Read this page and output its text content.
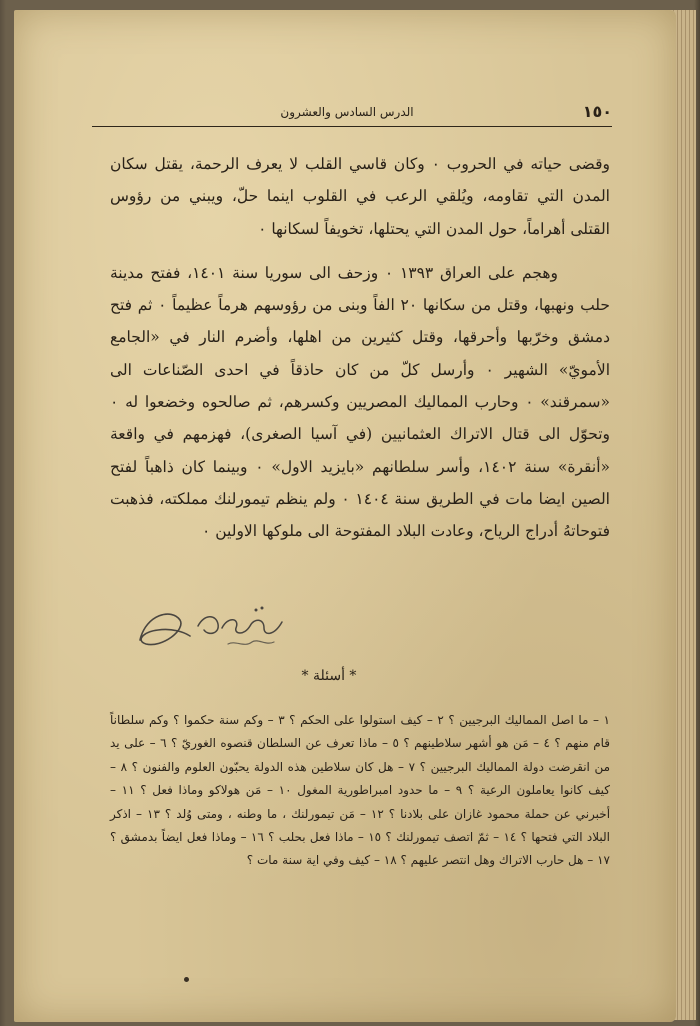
١٥٠
الدرس السادس والعشرون

وقضى حياته في الحروب ٠ وكان قاسي القلب لا يعرف الرحمة، يقتل سكان المدن التي تقاومه، ويُلقي الرعب في القلوب اينما حلّ، ويبني من رؤوس القتلى أهراماً، حول المدن التي يحتلها، تخويفاً لسكانها ٠

وهجم على العراق ١٣٩٣ ٠ وزحف الى سوريا سنة ١٤٠١، ففتح مدينة حلب ونهبها، وقتل من سكانها ٢٠ الفاً وبنى من رؤوسهم هرماً عظيماً ٠ ثم فتح دمشق وخرّبها وأحرقها، وقتل كثيرين من اهلها، وأضرم النار في «الجامع الأمويّ» الشهير ٠ وأرسل كلّ من كان حاذقاً في احدى الصّناعات الى «سمرقند» ٠ وحارب المماليك المصريين وكسرهم، ثم صالحوه وخضعوا له ٠ وتحوّل الى قتال الاتراك العثمانيين (في آسيا الصغرى)، فهزمهم في واقعة «أنقرة» سنة ١٤٠٢، وأسر سلطانهم «بايزيد الاول» ٠ وبينما كان ذاهباً لفتح الصين ايضا مات في الطريق سنة ١٤٠٤ ٠ ولم ينظم تيمورلنك مملكته، فذهبت فتوحاتهُ أدراج الرياح، وعادت البلاد المفتوحة الى ملوكها الاولين ٠

* أسئلة *

١ – ما اصل المماليك البرجيين ؟ ٢ – كيف استولوا على الحكم ؟ ٣ – وكم سنة حكموا ؟ وكم سلطاناً قام منهم ؟ ٤ – مَن هو أشهر سلاطينهم ؟ ٥ – ماذا تعرف عن السلطان قنصوه الغوريّ ؟ ٦ – على يد من انقرضت دولة المماليك البرجيين ؟ ٧ – هل كان سلاطين هذه الدولة يحبّون العلوم والفنون ؟ ٨ – كيف كانوا يعاملون الرعية ؟ ٩ – ما حدود امبراطورية المغول ١٠ – مَن هولاكو وماذا فعل ؟ ١١ – أخبرني عن حملة محمود غازان على بلادنا ؟ ١٢ – مَن تيمورلنك ، ما وطنه ، ومتى وُلد ؟ ١٣ – اذكر البلاد التي فتحها ؟ ١٤ – ثمّ اتصف تيمورلنك ؟ ١٥ – ماذا فعل بحلب ؟ ١٦ – وماذا فعل ايضاً بدمشق ؟ ١٧ – هل حارب الاتراك وهل انتصر عليهم ؟ ١٨ – كيف وفي اية سنة مات ؟
